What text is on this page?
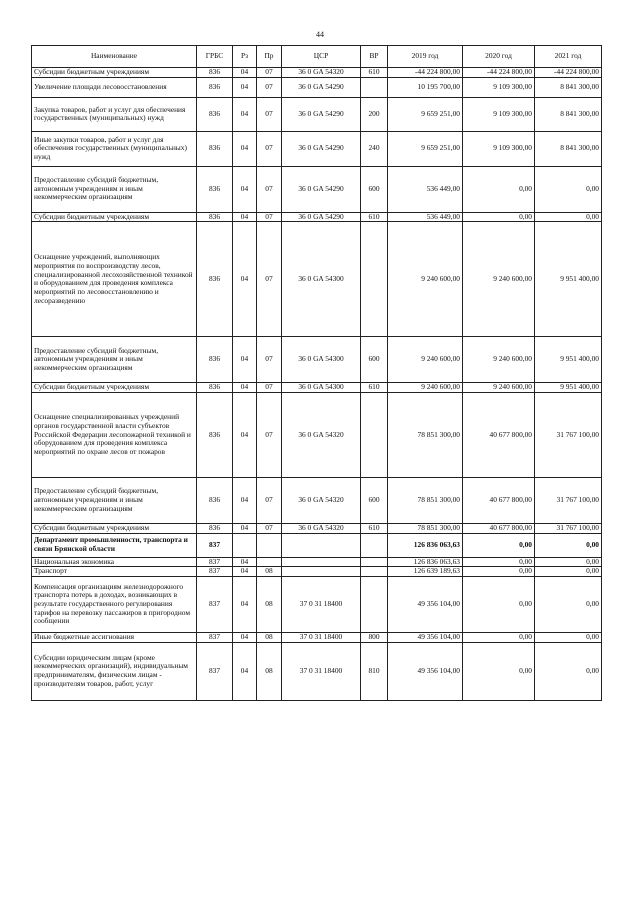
44
Наименование	ГРБС	Рз	Пр	ЦСР	ВР	2019 год	2020 год	2021 год
Субсидии бюджетным учреждениям	836	04	07	36 0 GA 54320	610	-44 224 800,00	-44 224 800,00	-44 224 800,00
Увеличение площади лесовосстановления	836	04	07	36 0 GA 54290		10 195 700,00	9 109 300,00	8 841 300,00
Закупка товаров, работ и услуг для обеспечения государственных (муниципальных) нужд	836	04	07	36 0 GA 54290	200	9 659 251,00	9 109 300,00	8 841 300,00
Иные закупки товаров, работ и услуг для обеспечения государственных (муниципальных) нужд	836	04	07	36 0 GA 54290	240	9 659 251,00	9 109 300,00	8 841 300,00
Предоставление субсидий бюджетным, автономным учреждениям и иным некоммерческим организациям	836	04	07	36 0 GA 54290	600	536 449,00	0,00	0,00
Субсидии бюджетным учреждениям	836	04	07	36 0 GA 54290	610	536 449,00	0,00	0,00
Оснащение учреждений, выполняющих мероприятия по воспроизводству лесов, специализированной лесохозяйственной техникой и оборудованием для проведения комплекса мероприятий по лесовосстановлению и лесоразведению	836	04	07	36 0 GA 54300		9 240 600,00	9 240 600,00	9 951 400,00
Предоставление субсидий бюджетным, автономным учреждениям и иным некоммерческим организациям	836	04	07	36 0 GA 54300	600	9 240 600,00	9 240 600,00	9 951 400,00
Субсидии бюджетным учреждениям	836	04	07	36 0 GA 54300	610	9 240 600,00	9 240 600,00	9 951 400,00
Оснащение специализированных учреждений органов государственной власти субъектов Российской Федерации лесопожарной техникой и оборудованием для проведения комплекса мероприятий по охране лесов от пожаров	836	04	07	36 0 GA 54320		78 851 300,00	40 677 800,00	31 767 100,00
Предоставление субсидий бюджетным, автономным учреждениям и иным некоммерческим организациям	836	04	07	36 0 GA 54320	600	78 851 300,00	40 677 800,00	31 767 100,00
Субсидии бюджетным учреждениям	836	04	07	36 0 GA 54320	610	78 851 300,00	40 677 800,00	31 767 100,00
Департамент промышленности, транспорта и связи Брянской области	837					126 836 063,63	0,00	0,00
Национальная экономика	837	04				126 836 063,63	0,00	0,00
Транспорт	837	04	08			126 639 189,63	0,00	0,00
Компенсация организациям железнодорожного транспорта потерь в доходах, возникающих в результате государственного регулирования тарифов на перевозку пассажиров в пригородном сообщении	837	04	08	37 0 31 18400		49 356 104,00	0,00	0,00
Иные бюджетные ассигнования	837	04	08	37 0 31 18400	800	49 356 104,00	0,00	0,00
Субсидии юридическим лицам (кроме некоммерческих организаций), индивидуальным предпринимателям, физическим лицам - производителям товаров, работ, услуг	837	04	08	37 0 31 18400	810	49 356 104,00	0,00	0,00
